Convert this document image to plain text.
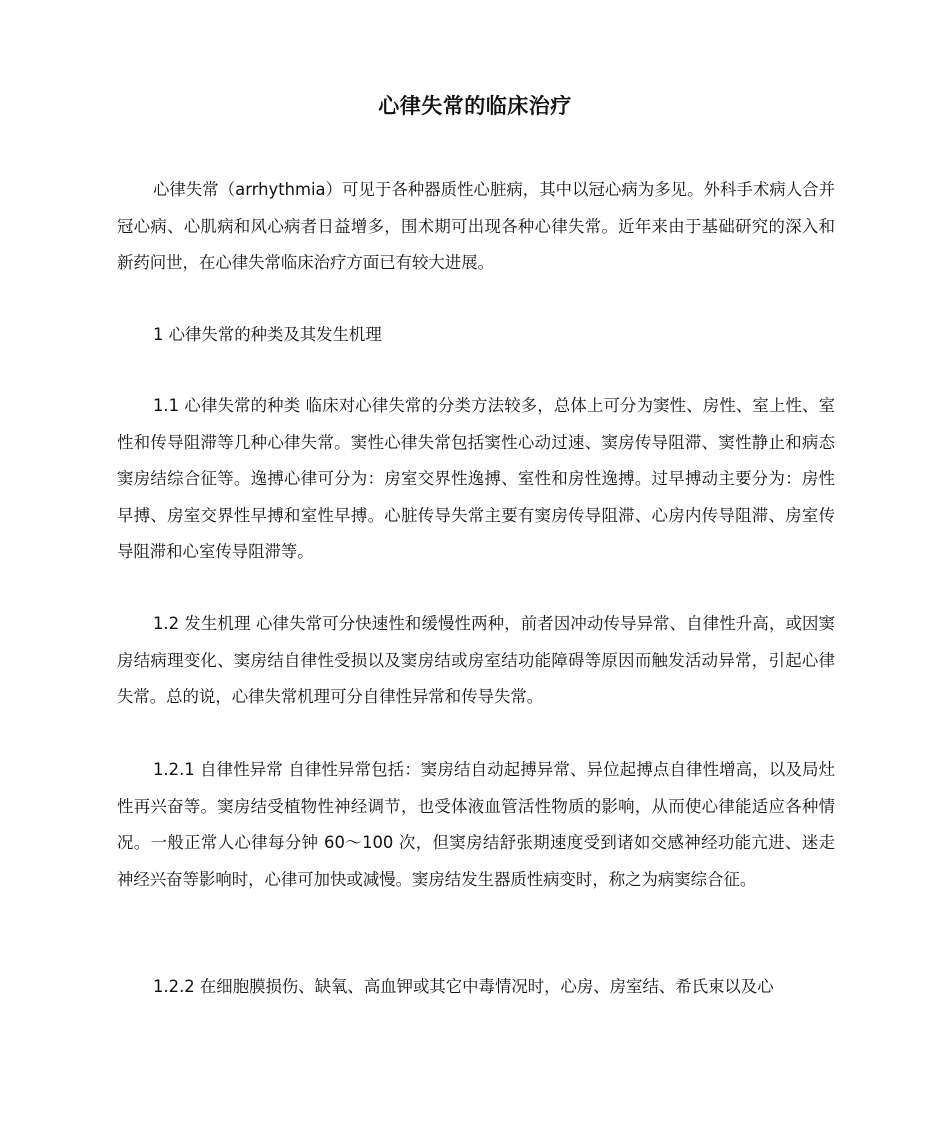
心律失常的临床治疗

心律失常（arrhythmia）可见于各种器质性心脏病，其中以冠心病为多见。外科手术病人合并冠心病、心肌病和风心病者日益增多，围术期可出现各种心律失常。近年来由于基础研究的深入和新药问世，在心律失常临床治疗方面已有较大进展。

1 心律失常的种类及其发生机理

1.1 心律失常的种类 临床对心律失常的分类方法较多，总体上可分为窦性、房性、室上性、室性和传导阻滞等几种心律失常。窦性心律失常包括窦性心动过速、窦房传导阻滞、窦性静止和病态窦房结综合征等。逸搏心律可分为：房室交界性逸搏、室性和房性逸搏。过早搏动主要分为：房性早搏、房室交界性早搏和室性早搏。心脏传导失常主要有窦房传导阻滞、心房内传导阻滞、房室传导阻滞和心室传导阻滞等。

1.2 发生机理 心律失常可分快速性和缓慢性两种，前者因冲动传导异常、自律性升高，或因窦房结病理变化、窦房结自律性受损以及窦房结或房室结功能障碍等原因而触发活动异常，引起心律失常。总的说，心律失常机理可分自律性异常和传导失常。

1.2.1 自律性异常 自律性异常包括：窦房结自动起搏异常、异位起搏点自律性增高，以及局灶性再兴奋等。窦房结受植物性神经调节，也受体液血管活性物质的影响，从而使心律能适应各种情况。一般正常人心律每分钟 60～100 次，但窦房结舒张期速度受到诸如交感神经功能亢进、迷走神经兴奋等影响时，心律可加快或减慢。窦房结发生器质性病变时，称之为病窦综合征。

1.2.2 在细胞膜损伤、缺氧、高血钾或其它中毒情况时，心房、房室结、希氏束以及心
